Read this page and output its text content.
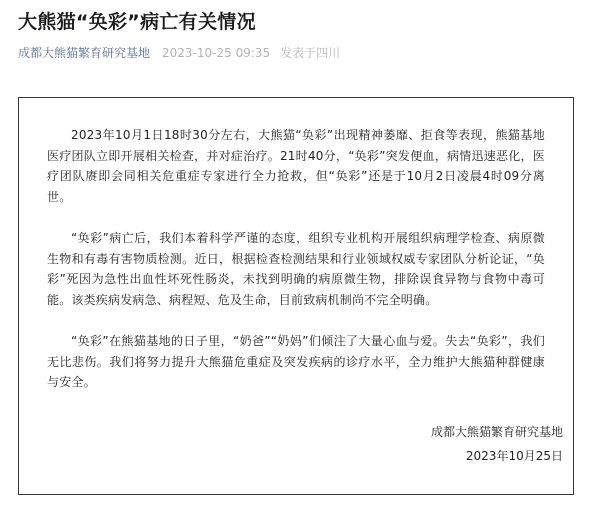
大熊猫“奂彩”病亡有关情况
成都大熊猫繁育研究基地 2023-10-25 09:35 发表于四川

2023年10月1日18时30分左右，大熊猫“奂彩”出现精神萎靡、拒食等表现，熊猫基地医疗团队立即开展相关检查，并对症治疗。21时40分，“奂彩”突发便血，病情迅速恶化，医疗团队赓即会同相关危重症专家进行全力抢救，但“奂彩”还是于10月2日凌晨4时09分离世。

“奂彩”病亡后，我们本着科学严谨的态度，组织专业机构开展组织病理学检查、病原微生物和有毒有害物质检测。近日，根据检查检测结果和行业领域权威专家团队分析论证，“奂彩”死因为急性出血性坏死性肠炎，未找到明确的病原微生物，排除误食异物与食物中毒可能。该类疾病发病急、病程短、危及生命，目前致病机制尚不完全明确。

“奂彩”在熊猫基地的日子里，“奶爸”“奶妈”们倾注了大量心血与爱。失去“奂彩”，我们无比悲伤。我们将努力提升大熊猫危重症及突发疾病的诊疗水平，全力维护大熊猫种群健康与安全。

成都大熊猫繁育研究基地
2023年10月25日
